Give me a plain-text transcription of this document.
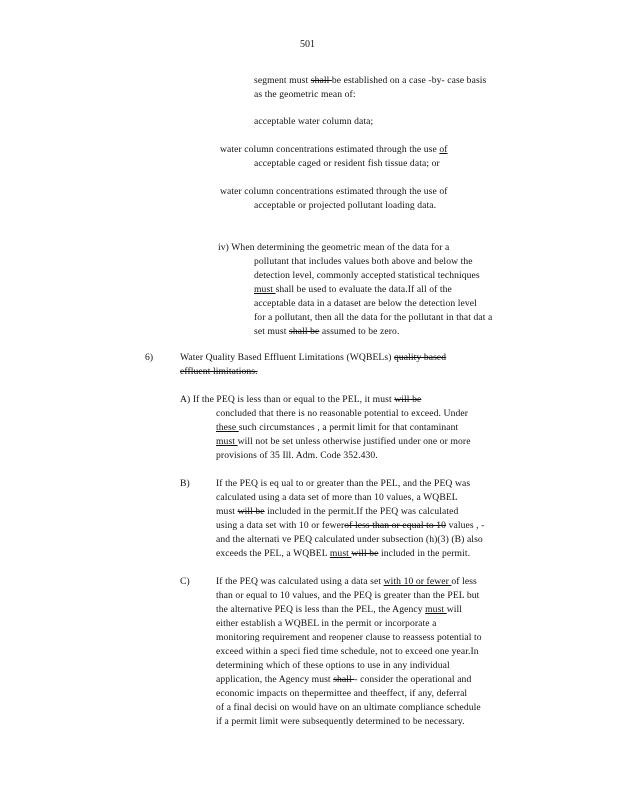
501
segment must shall be established on a case -by- case basis
as the geometric mean of:
acceptable water column data;
water column concentrations estimated through the use of
acceptable caged or resident fish tissue data; or
water column concentrations estimated through the use of
acceptable or projected pollutant loading data.
iv) When determining the geometric mean of the data for a
pollutant that includes values both above and below the
detection level, commonly accepted statistical techniques
must shall be used to evaluate the data.If all of the
acceptable data in a dataset are below the detection level
for a pollutant, then all the data for the pollutant in that dat a
set must shall be assumed to be zero.
6)	Water Quality Based Effluent Limitations (WQBELs) quality based
effluent limitations.
A) If the PEQ is less than or equal to the PEL, it must will be
concluded that there is no reasonable potential to exceed. Under
these such circumstances , a permit limit for that contaminant
must will not be set unless otherwise justified under one or more
provisions of 35 Ill. Adm. Code 352.430.
B)	If the PEQ is eq ual to or greater than the PEL, and the PEQ was
calculated using a data set of more than 10 values, a WQBEL
must will be included in the permit.If the PEQ was calculated
using a data set with 10 or fewerof less than or equal to 10 values , -
and the alternati ve PEQ calculated under subsection (h)(3) (B) also
exceeds the PEL, a WQBEL must will be included in the permit.
C)	If the PEQ was calculated using a data set with 10 or fewer of less
than or equal to 10 values, and the PEQ is greater than the PEL but
the alternative PEQ is less than the PEL, the Agency must will
either establish a WQBEL in the permit or incorporate a
monitoring requirement and reopener clause to reassess potential to
exceed within a speci fied time schedule, not to exceed one year.In
determining which of these options to use in any individual
application, the Agency must shall - consider the operational and
economic impacts on thepermittee and theeffect, if any, deferral
of a final decisi on would have on an ultimate compliance schedule
if a permit limit were subsequently determined to be necessary.
